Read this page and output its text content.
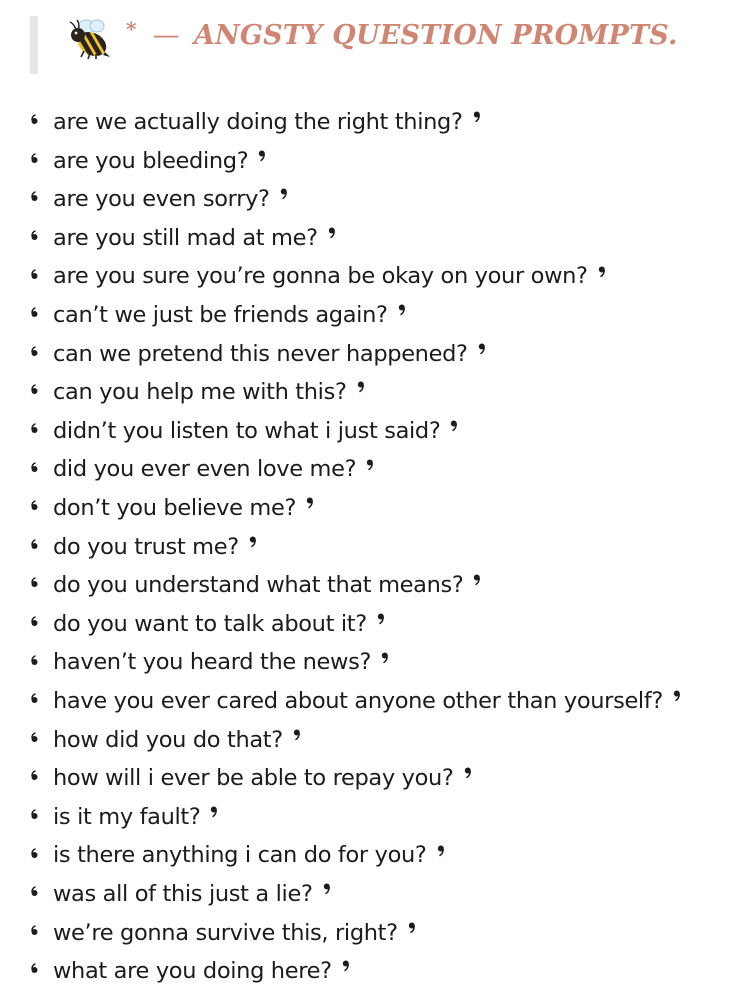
* — ANGSTY QUESTION PROMPTS.
are we actually doing the right thing?
are you bleeding?
are you even sorry?
are you still mad at me?
are you sure you’re gonna be okay on your own?
can’t we just be friends again?
can we pretend this never happened?
can you help me with this?
didn’t you listen to what i just said?
did you ever even love me?
don’t you believe me?
do you trust me?
do you understand what that means?
do you want to talk about it?
haven’t you heard the news?
have you ever cared about anyone other than yourself?
how did you do that?
how will i ever be able to repay you?
is it my fault?
is there anything i can do for you?
was all of this just a lie?
we’re gonna survive this, right?
what are you doing here?
